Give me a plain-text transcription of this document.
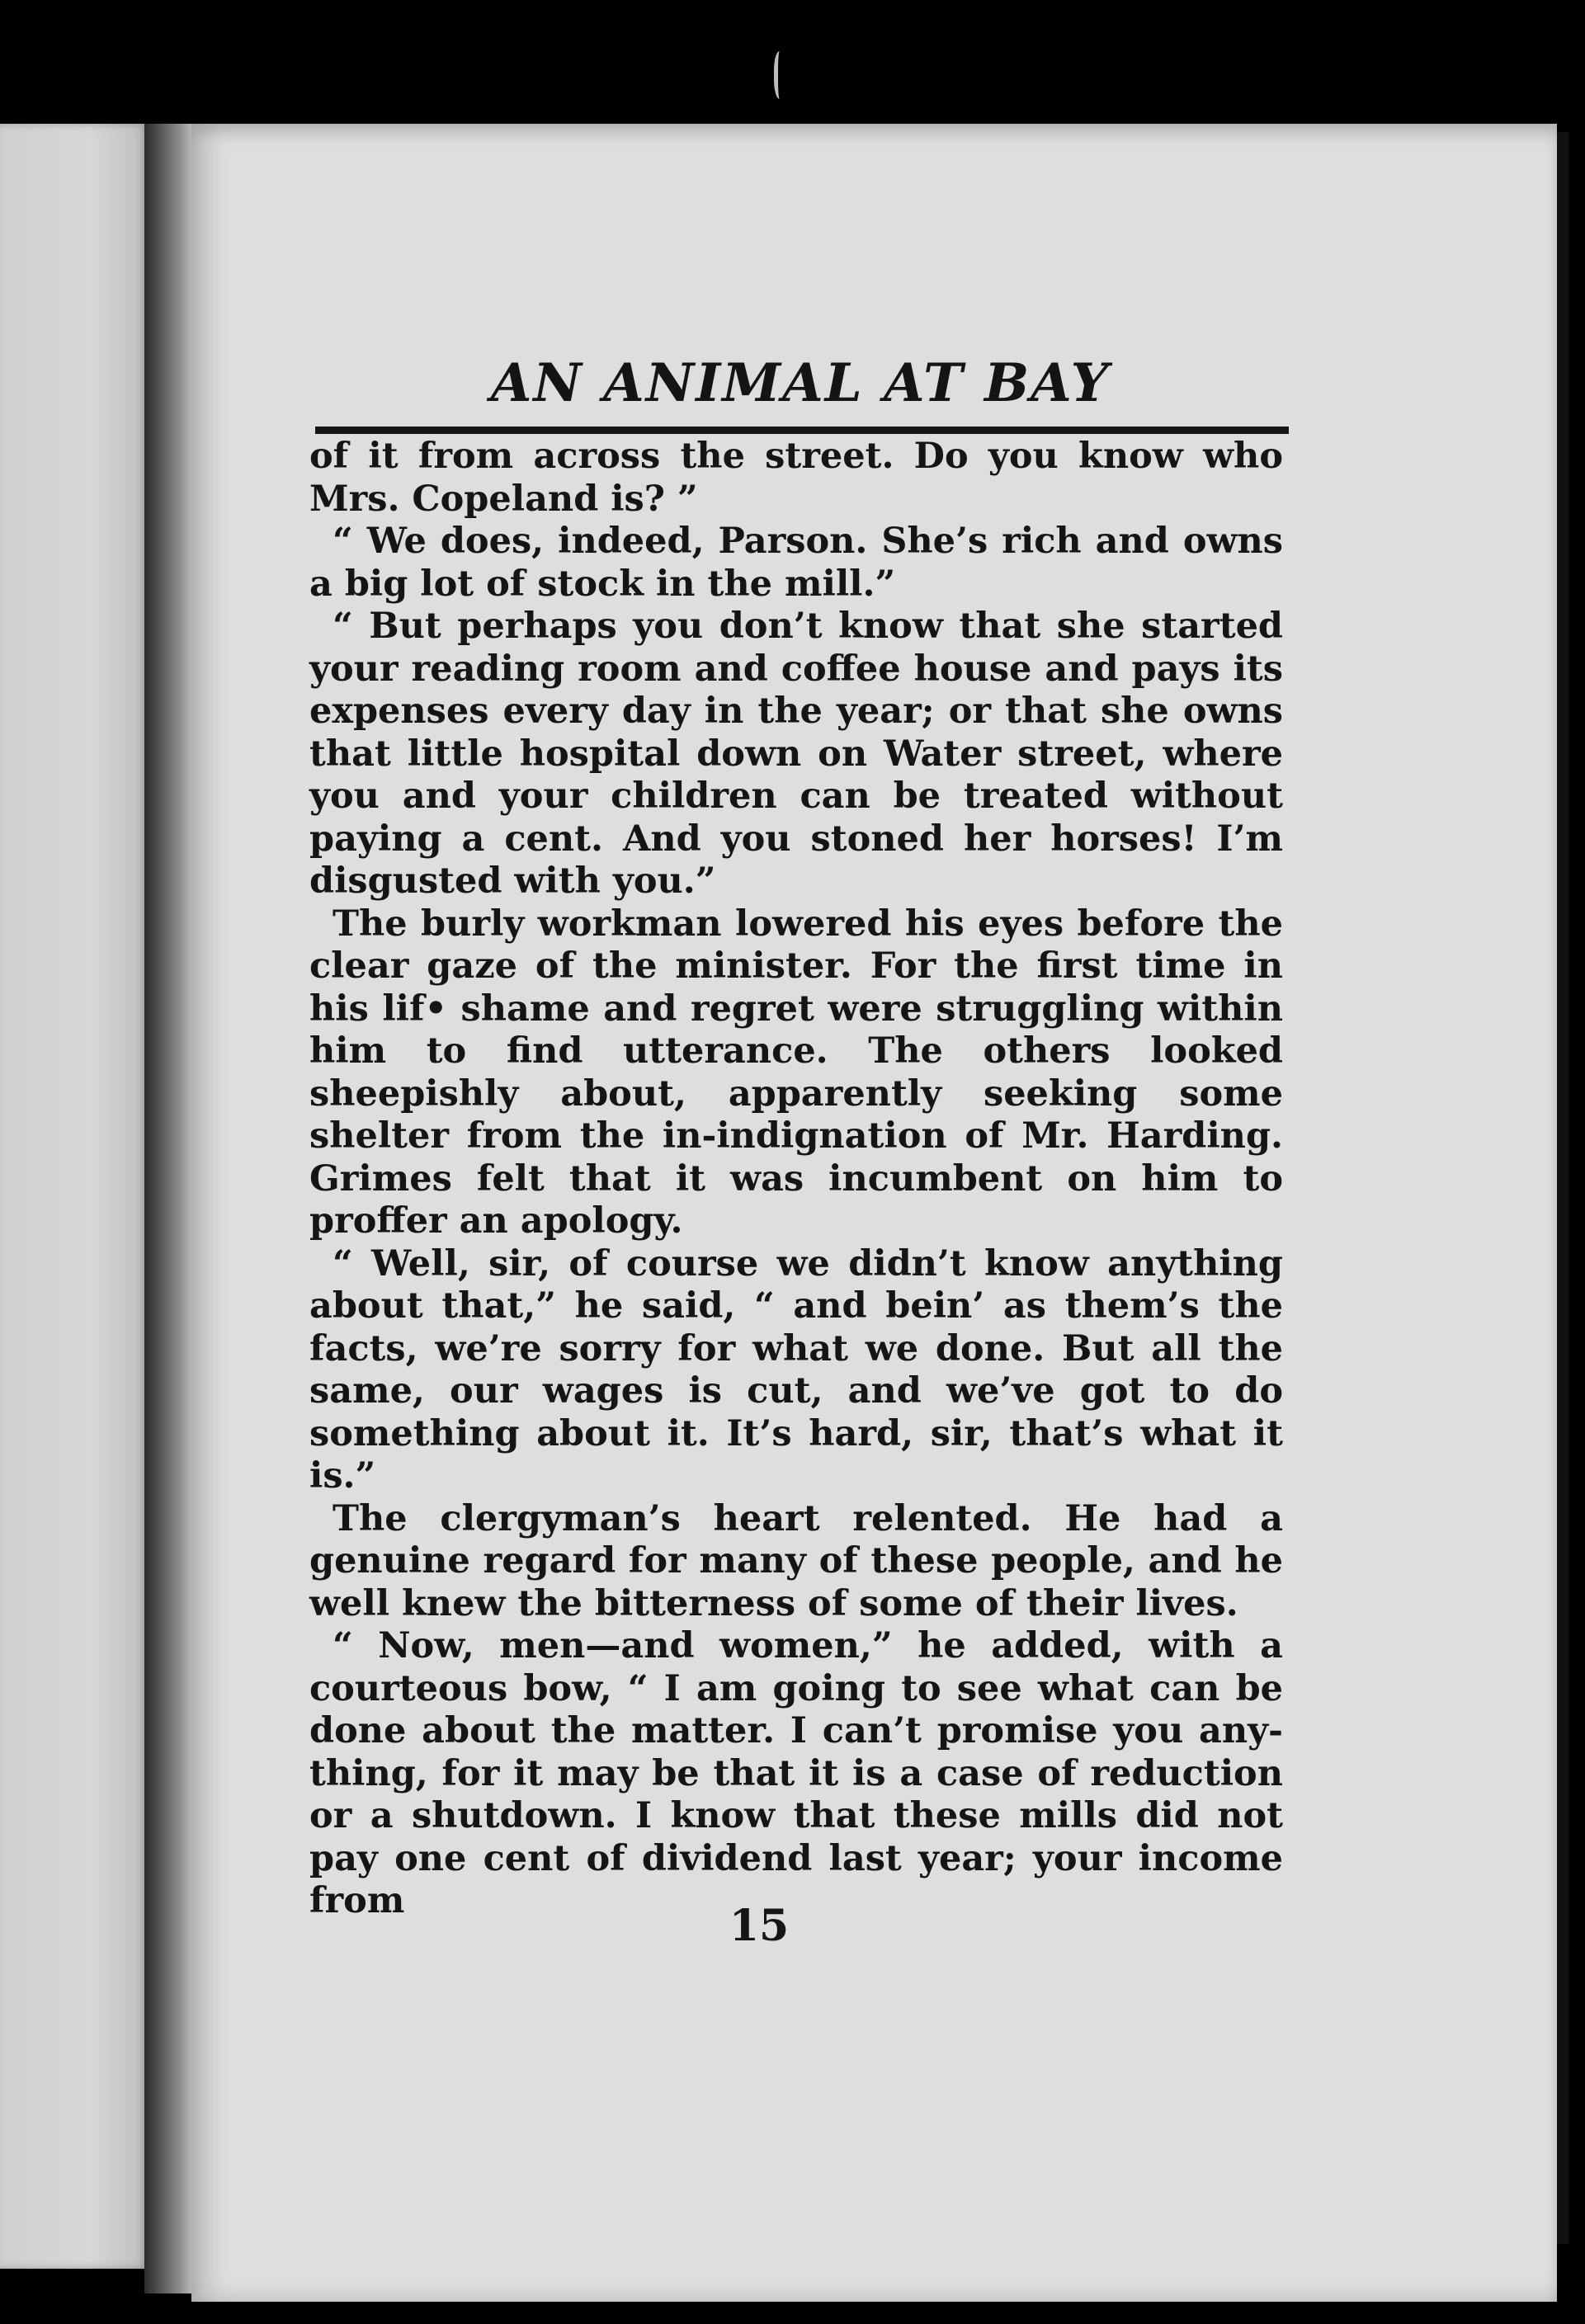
AN ANIMAL AT BAY

of it from across the street. Do you know who Mrs. Copeland is? ”

“ We does, indeed, Parson. She’s rich and owns a big lot of stock in the mill.”

“ But perhaps you don’t know that she started your reading room and coffee house and pays its expenses every day in the year; or that she owns that little hospital down on Water street, where you and your children can be treated without paying a cent. And you stoned her horses! I’m disgusted with you.”

The burly workman lowered his eyes before the clear gaze of the minister. For the first time in his lif• shame and regret were struggling within him to find utterance. The others looked sheepishly about, apparently seeking some shelter from the in-indignation of Mr. Harding. Grimes felt that it was incumbent on him to proffer an apology.

“ Well, sir, of course we didn’t know anything about that,” he said, “ and bein’ as them’s the facts, we’re sorry for what we done. But all the same, our wages is cut, and we’ve got to do something about it. It’s hard, sir, that’s what it is.”

The clergyman’s heart relented. He had a genuine regard for many of these people, and he well knew the bitterness of some of their lives.

“ Now, men—and women,” he added, with a courteous bow, “ I am going to see what can be done about the matter. I can’t promise you any-thing, for it may be that it is a case of reduction or a shutdown. I know that these mills did not pay one cent of dividend last year; your income from	15
